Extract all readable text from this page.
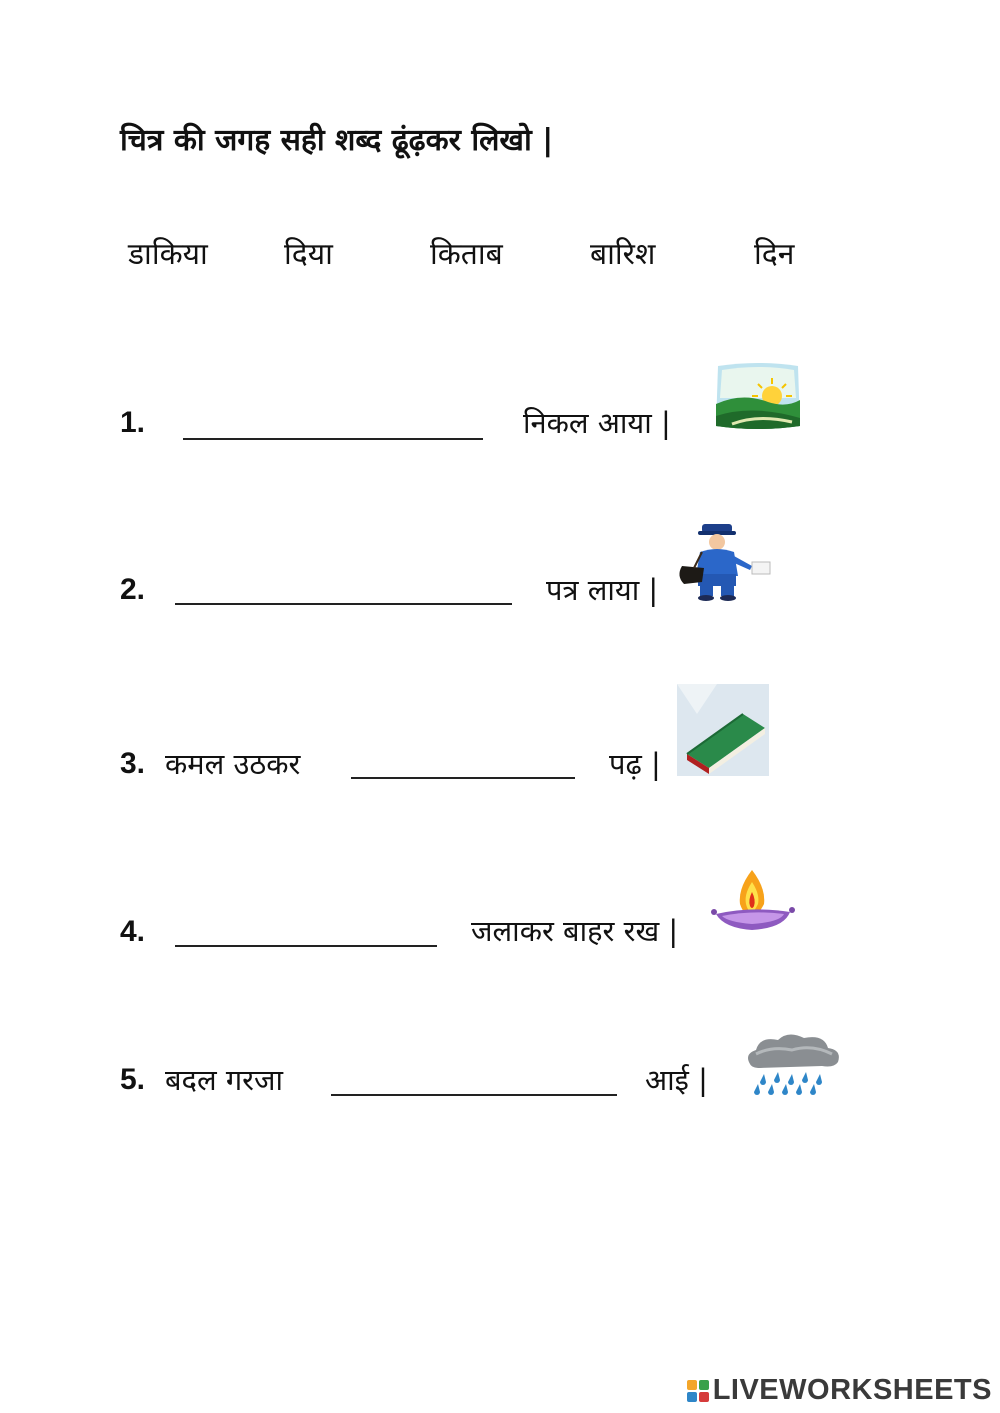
चित्र की जगह सही शब्द ढूंढ़कर लिखो |
डाकिया	दिया	किताब	बारिश	दिन
1.	निकल आया |
2.	पत्र लाया |
3. कमल उठकर	पढ़ |
4.	जलाकर बाहर रख |
5. बदल गरजा	आई |
LIVEWORKSHEETS
